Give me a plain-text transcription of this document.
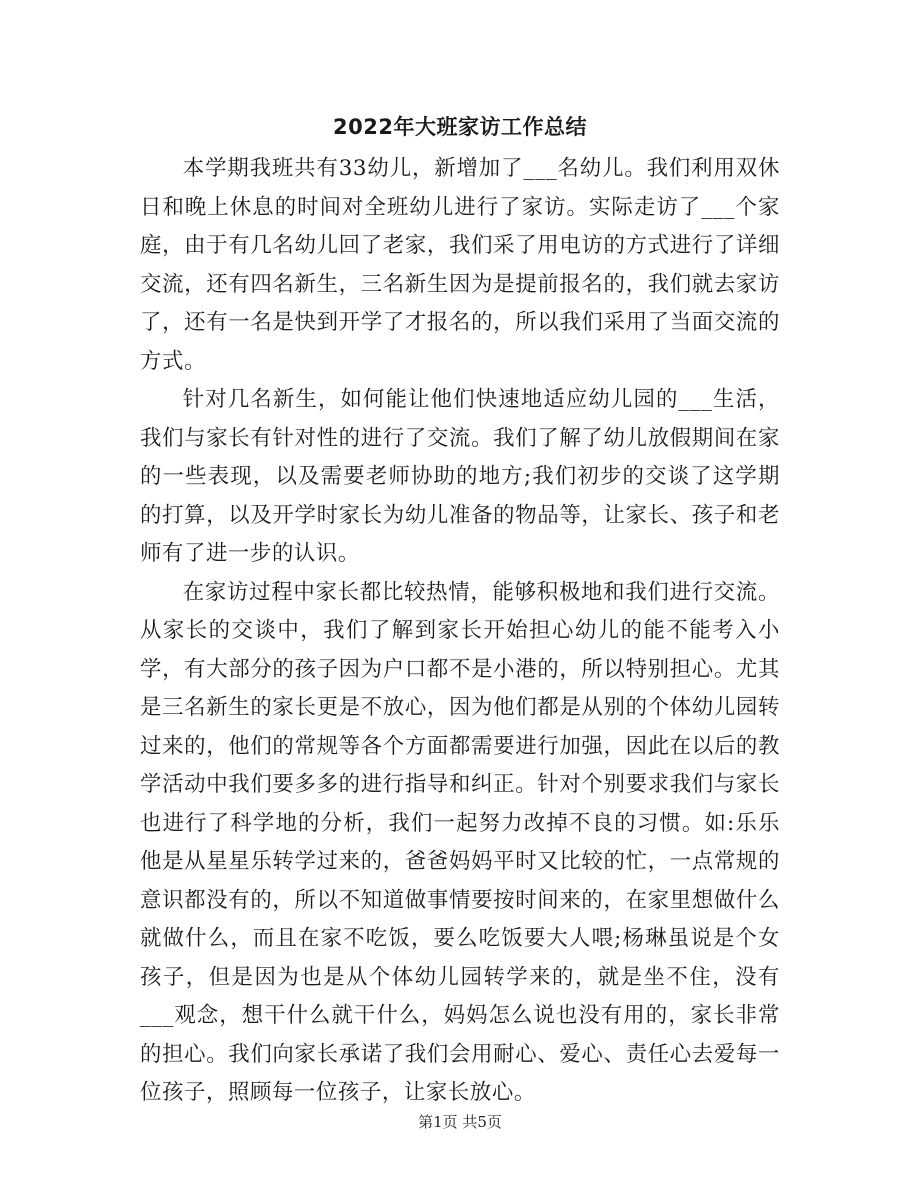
2022年大班家访工作总结

本学期我班共有33幼儿，新增加了___名幼儿。我们利用双休日和晚上休息的时间对全班幼儿进行了家访。实际走访了___个家庭，由于有几名幼儿回了老家，我们采了用电访的方式进行了详细交流，还有四名新生，三名新生因为是提前报名的，我们就去家访了，还有一名是快到开学了才报名的，所以我们采用了当面交流的方式。

针对几名新生，如何能让他们快速地适应幼儿园的___生活，我们与家长有针对性的进行了交流。我们了解了幼儿放假期间在家的一些表现，以及需要老师协助的地方;我们初步的交谈了这学期的打算，以及开学时家长为幼儿准备的物品等，让家长、孩子和老师有了进一步的认识。

在家访过程中家长都比较热情，能够积极地和我们进行交流。从家长的交谈中，我们了解到家长开始担心幼儿的能不能考入小学，有大部分的孩子因为户口都不是小港的，所以特别担心。尤其是三名新生的家长更是不放心，因为他们都是从别的个体幼儿园转过来的，他们的常规等各个方面都需要进行加强，因此在以后的教学活动中我们要多多的进行指导和纠正。针对个别要求我们与家长也进行了科学地的分析，我们一起努力改掉不良的习惯。如:乐乐他是从星星乐转学过来的，爸爸妈妈平时又比较的忙，一点常规的意识都没有的，所以不知道做事情要按时间来的，在家里想做什么就做什么，而且在家不吃饭，要么吃饭要大人喂;杨琳虽说是个女孩子，但是因为也是从个体幼儿园转学来的，就是坐不住，没有___观念，想干什么就干什么，妈妈怎么说也没有用的，家长非常的担心。我们向家长承诺了我们会用耐心、爱心、责任心去爱每一位孩子，照顾每一位孩子，让家长放心。

第1页 共5页
